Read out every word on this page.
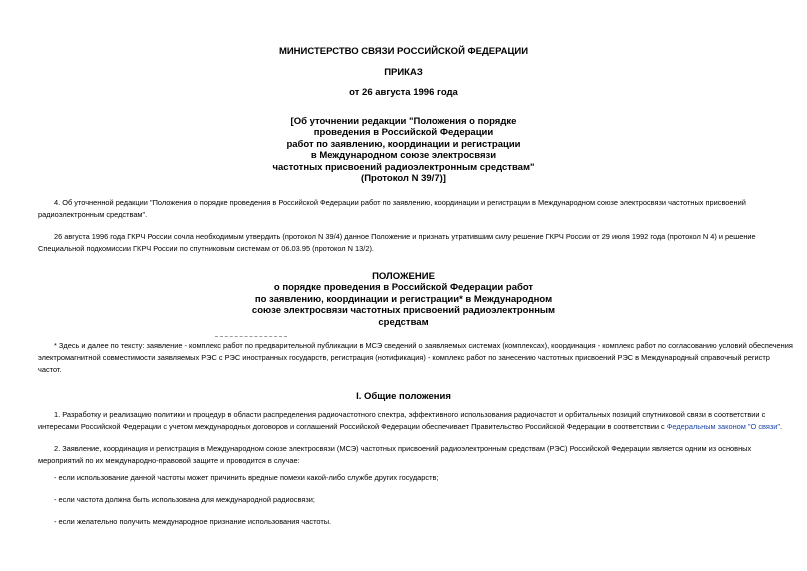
МИНИСТЕРСТВО СВЯЗИ РОССИЙСКОЙ ФЕДЕРАЦИИ
ПРИКАЗ
от 26 августа 1996 года
[Об уточнении редакции "Положения о порядке
проведения в Российской Федерации
работ по заявлению, координации и регистрации
в Международном союзе электросвязи
частотных присвоений радиоэлектронным средствам"
(Протокол N 39/7)]
4. Об уточненной редакции "Положения о порядке проведения в Российской Федерации работ по заявлению, координации и регистрации в Международном союзе электросвязи частотных присвоений
радиоэлектронным средствам".
26 августа 1996 года ГКРЧ России сочла необходимым утвердить (протокол N 39/4) данное Положение и признать утратившим силу решение ГКРЧ России от 29 июля 1992 года (протокол N 4) и решение
Специальной подкомиссии ГКРЧ России по спутниковым системам от 06.03.95 (протокол N 13/2).
ПОЛОЖЕНИЕ
о порядке проведения в Российской Федерации работ
по заявлению, координации и регистрации* в Международном
союзе электросвязи частотных присвоений радиоэлектронным
средствам
* Здесь и далее по тексту: заявление - комплекс работ по предварительной публикации в МСЭ сведений о заявляемых системах (комплексах), координация - комплекс работ по согласованию условий обеспечения
электромагнитной совместимости заявляемых РЭС с РЭС иностранных государств, регистрация (нотификация) - комплекс работ по занесению частотных присвоений РЭС в Международный справочный регистр
частот.
I. Общие положения
1. Разработку и реализацию политики и процедур в области распределения радиочастотного спектра, эффективного использования радиочастот и орбитальных позиций спутниковой связи в соответствии с
интересами Российской Федерации с учетом международных договоров и соглашений Российской Федерации обеспечивает Правительство Российской Федерации в соответствии с Федеральным законом "О связи".
2. Заявление, координация и регистрация в Международном союзе электросвязи (МСЭ) частотных присвоений радиоэлектронным средствам (РЭС) Российской Федерации является одним из основных
мероприятий по их международно-правовой защите и проводится в случае:
- если использование данной частоты может причинить вредные помехи какой-либо службе других государств;
- если частота должна быть использована для международной радиосвязи;
- если желательно получить международное признание использования частоты.
